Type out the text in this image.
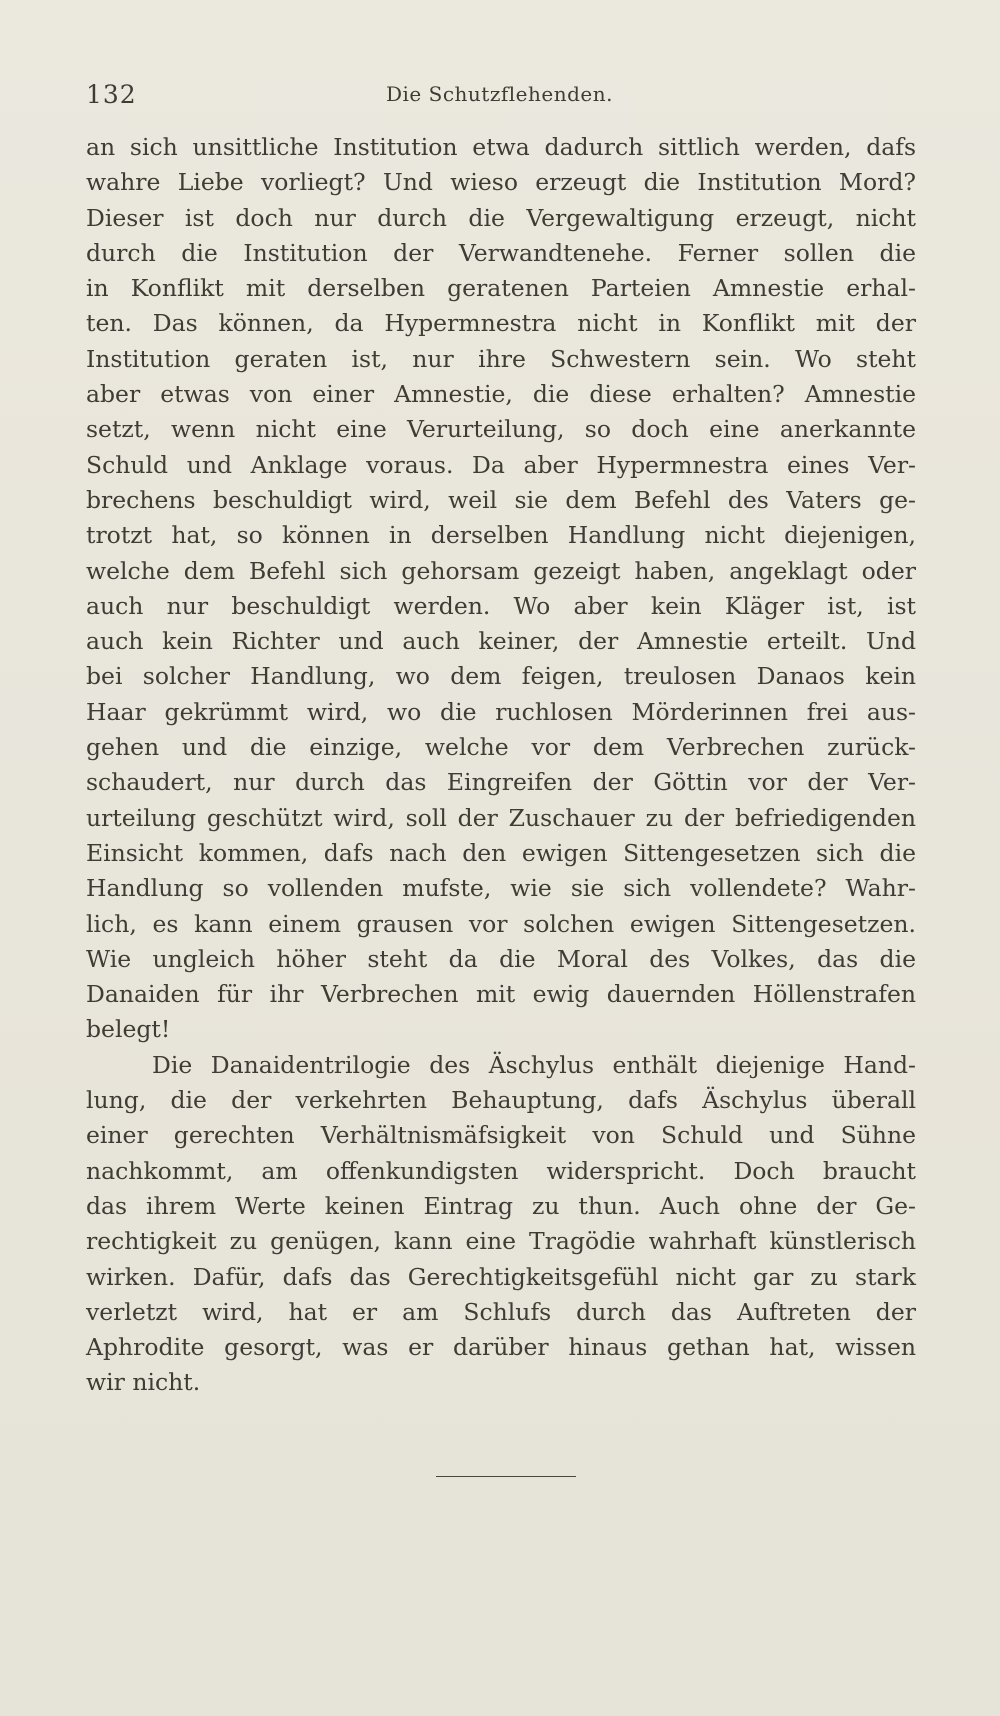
132	Die Schutzflehenden.
an sich unsittliche Institution etwa dadurch sittlich werden, dafs
wahre Liebe vorliegt? Und wieso erzeugt die Institution Mord?
Dieser ist doch nur durch die Vergewaltigung erzeugt, nicht
durch die Institution der Verwandtenehe. Ferner sollen die
in Konflikt mit derselben geratenen Parteien Amnestie erhal-
ten. Das können, da Hypermnestra nicht in Konflikt mit der
Institution geraten ist, nur ihre Schwestern sein. Wo steht
aber etwas von einer Amnestie, die diese erhalten? Amnestie
setzt, wenn nicht eine Verurteilung, so doch eine anerkannte
Schuld und Anklage voraus. Da aber Hypermnestra eines Ver-
brechens beschuldigt wird, weil sie dem Befehl des Vaters ge-
trotzt hat, so können in derselben Handlung nicht diejenigen,
welche dem Befehl sich gehorsam gezeigt haben, angeklagt oder
auch nur beschuldigt werden. Wo aber kein Kläger ist, ist
auch kein Richter und auch keiner, der Amnestie erteilt. Und
bei solcher Handlung, wo dem feigen, treulosen Danaos kein
Haar gekrümmt wird, wo die ruchlosen Mörderinnen frei aus-
gehen und die einzige, welche vor dem Verbrechen zurück-
schaudert, nur durch das Eingreifen der Göttin vor der Ver-
urteilung geschützt wird, soll der Zuschauer zu der befriedigenden
Einsicht kommen, dafs nach den ewigen Sittengesetzen sich die
Handlung so vollenden mufste, wie sie sich vollendete? Wahr-
lich, es kann einem grausen vor solchen ewigen Sittengesetzen.
Wie ungleich höher steht da die Moral des Volkes, das die
Danaiden für ihr Verbrechen mit ewig dauernden Höllenstrafen
belegt!
Die Danaidentrilogie des Äschylus enthält diejenige Hand-
lung, die der verkehrten Behauptung, dafs Äschylus überall
einer gerechten Verhältnismäfsigkeit von Schuld und Sühne
nachkommt, am offenkundigsten widerspricht. Doch braucht
das ihrem Werte keinen Eintrag zu thun. Auch ohne der Ge-
rechtigkeit zu genügen, kann eine Tragödie wahrhaft künstlerisch
wirken. Dafür, dafs das Gerechtigkeitsgefühl nicht gar zu stark
verletzt wird, hat er am Schlufs durch das Auftreten der
Aphrodite gesorgt, was er darüber hinaus gethan hat, wissen
wir nicht.
